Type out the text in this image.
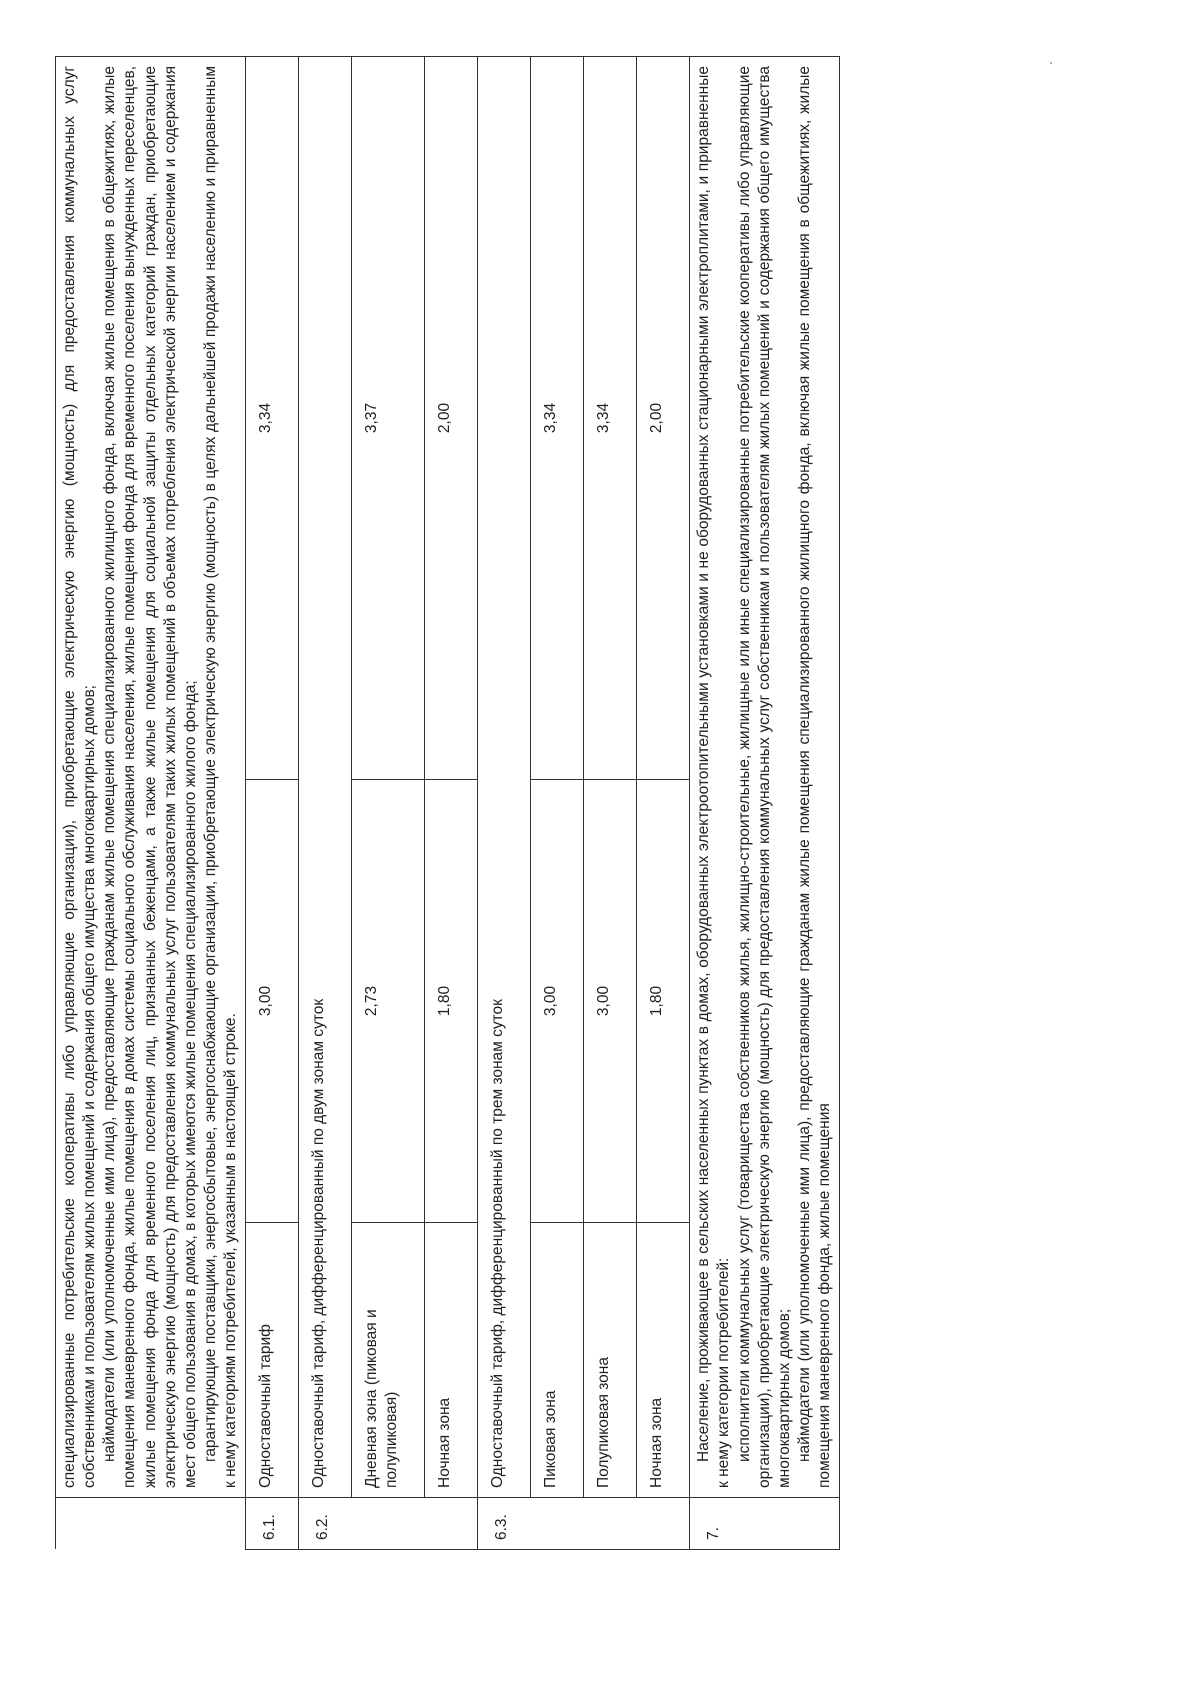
	специализированные потребительские кооперативы либо управляющие организации), приобретающие электрическую энергию (мощность) для предоставления коммунальных услуг собственникам и пользователям жилых помещений и содержания общего имущества многоквартирных домов; наймодатели (или уполномоченные ими лица), предоставляющие гражданам жилые помещения специализированного жилищного фонда, включая жилые помещения в общежитиях, жилые помещения маневренного фонда, жилые помещения в домах системы социального обслуживания населения, жилые помещения фонда для временного поселения вынужденных переселенцев, жилые помещения фонда для временного поселения лиц, признанных беженцами, а также жилые помещения для социальной защиты отдельных категорий граждан, приобретающие электрическую энергию (мощность) для предоставления коммунальных услуг пользователям таких жилых помещений в объемах потребления электрической энергии населением и содержания мест общего пользования в домах, в которых имеются жилые помещения специализированного жилого фонда; гарантирующие поставщики, энергосбытовые, энергоснабжающие организации, приобретающие электрическую энергию (мощность) в целях дальнейшей продажи населению и приравненным к нему категориям потребителей, указанным в настоящей строке.		

6.1.	Одноставочный тариф	3,00	3,34
6.2.	Одноставочный тариф, дифференцированный по двум зонам суток		
	Дневная зона (пиковая и полупиковая)	2,73	3,37
	Ночная зона	1,80	2,00
6.3.	Одноставочный тариф, дифференцированный по трем зонам суток		
	Пиковая зона	3,00	3,34
	Полупиковая зона	3,00	3,34
	Ночная зона	1,80	2,00
7.	Население, проживающее в сельских населенных пунктах в домах, оборудованных электроотопительными установками и не оборудованных стационарными электроплитами, и приравненные к нему категории потребителей: исполнители коммунальных услуг (товарищества собственников жилья, жилищно-строительные, жилищные или иные специализированные потребительские кооперативы либо управляющие организации), приобретающие электрическую энергию (мощность) для предоставления коммунальных услуг собственникам и пользователям жилых помещений и содержания общего имущества многоквартирных домов; наймодатели (или уполномоченные ими лица), предоставляющие гражданам жилые помещения специализированного жилищного фонда, включая жилые помещения в общежитиях, жилые помещения маневренного фонда, жилые помещения		
